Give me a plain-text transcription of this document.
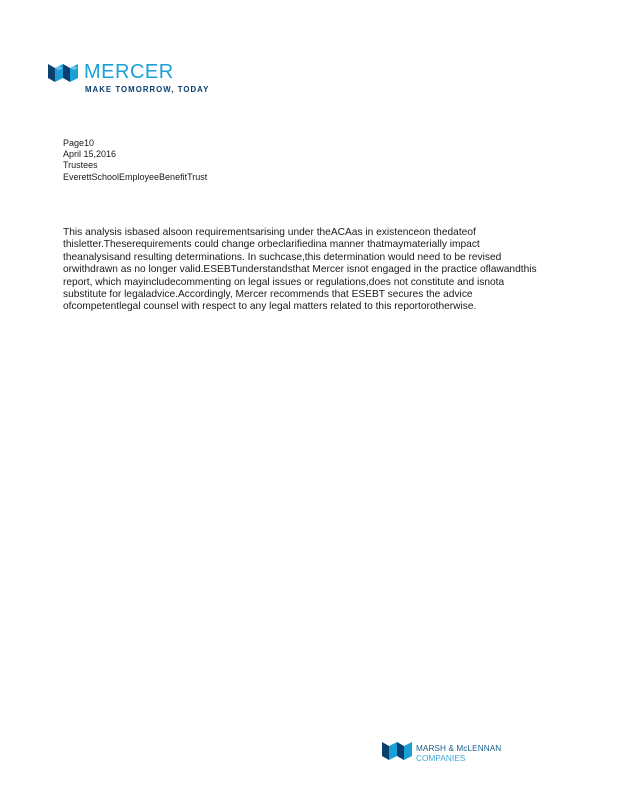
MERCER
MAKE TOMORROW, TODAY
Page10
April 15,2016
Trustees
EverettSchoolEmployeeBenefitTrust
This analysis isbased alsoon requirementsarising under theACAas in existenceon thedateof thisletter.Theserequirements could change orbeclarifiedina manner thatmaymaterially impact theanalysisand resulting determinations. In suchcase,this determination would need to be revised orwithdrawn as no longer valid.ESEBTunderstandsthat Mercer isnot engaged in the practice oflawandthis report, which mayincludecommenting on legal issues or regulations,does not constitute and isnota substitute for legaladvice.Accordingly, Mercer recommends that ESEBT secures the advice ofcompetentlegal counsel with respect to any legal matters related to this reportorotherwise.
MARSH & McLENNAN
COMPANIES
